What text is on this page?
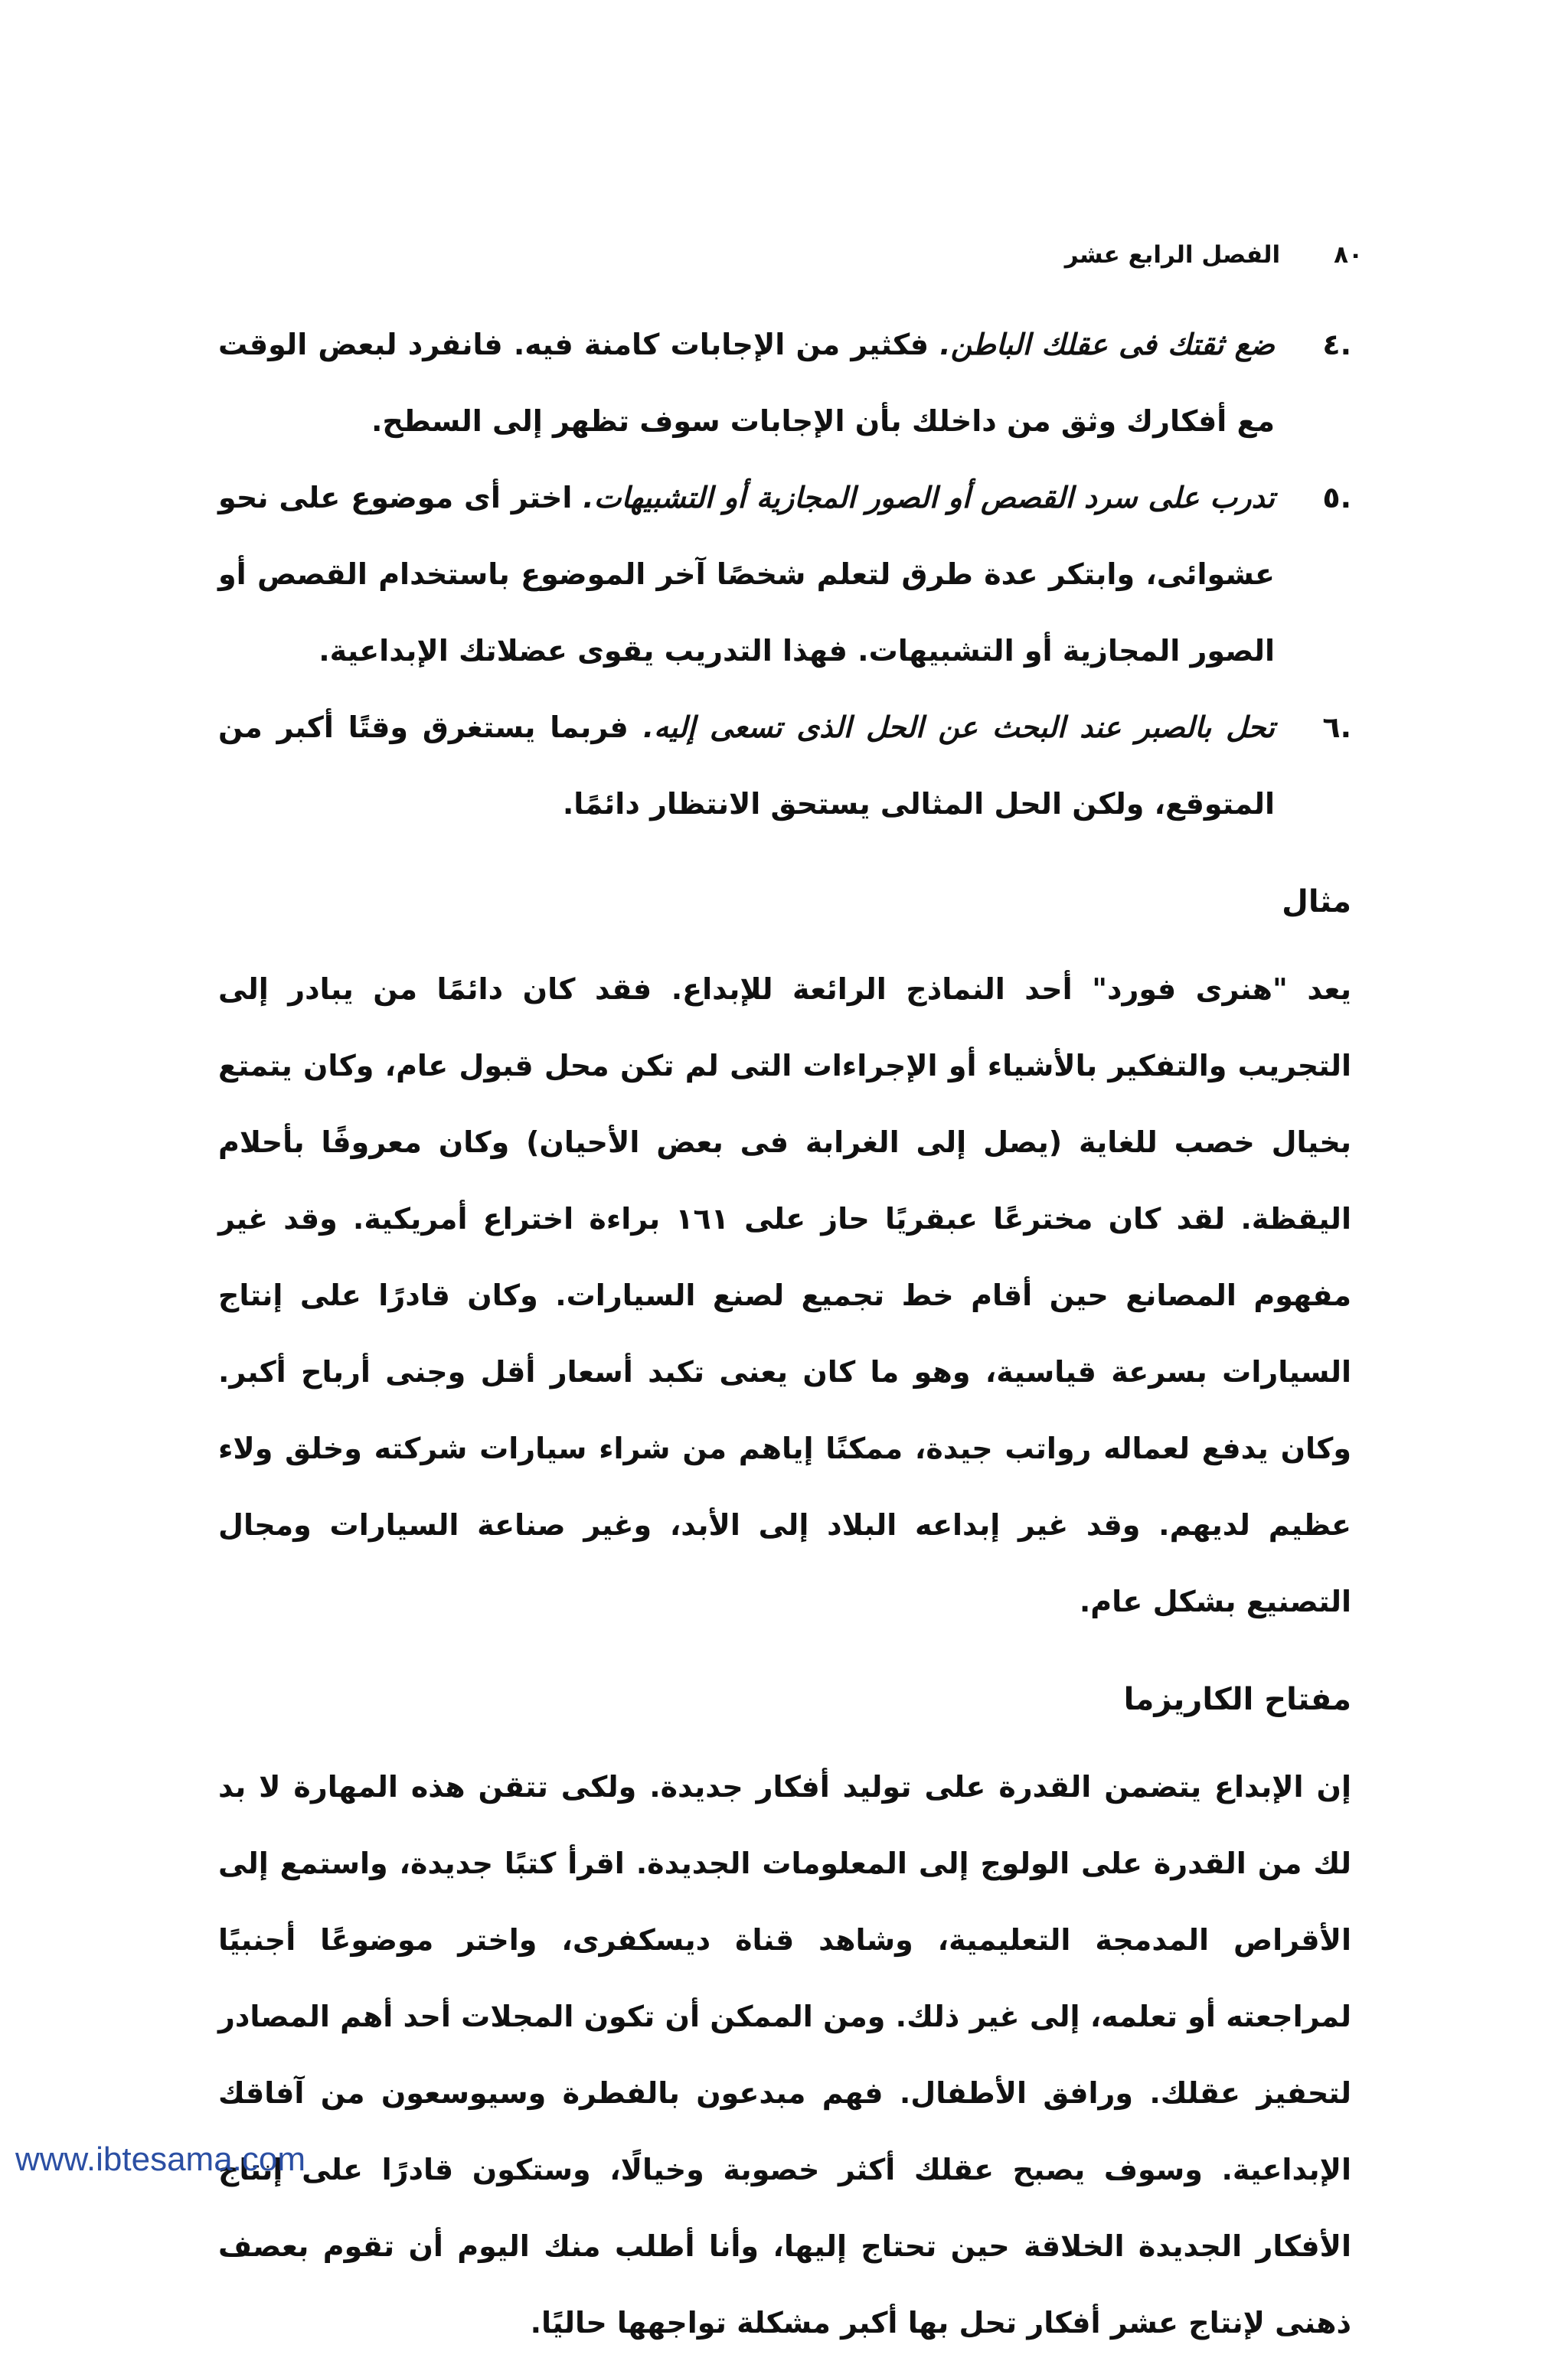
٨٠
الفصل الرابع عشر
.٤
ضع ثقتك فى عقلك الباطن. فكثير من الإجابات كامنة فيه. فانفرد لبعض الوقت مع أفكارك وثق من داخلك بأن الإجابات سوف تظهر إلى السطح.
.٥
تدرب على سرد القصص أو الصور المجازية أو التشبيهات. اختر أى موضوع على نحو عشوائى، وابتكر عدة طرق لتعلم شخصًا آخر الموضوع باستخدام القصص أو الصور المجازية أو التشبيهات. فهذا التدريب يقوى عضلاتك الإبداعية.
.٦
تحل بالصبر عند البحث عن الحل الذى تسعى إليه. فربما يستغرق وقتًا أكبر من المتوقع، ولكن الحل المثالى يستحق الانتظار دائمًا.
مثال

يعد "هنرى فورد" أحد النماذج الرائعة للإبداع. فقد كان دائمًا من يبادر إلى التجريب والتفكير بالأشياء أو الإجراءات التى لم تكن محل قبول عام، وكان يتمتع بخيال خصب للغاية (يصل إلى الغرابة فى بعض الأحيان) وكان معروفًا بأحلام اليقظة. لقد كان مخترعًا عبقريًا حاز على ١٦١ براءة اختراع أمريكية. وقد غير مفهوم المصانع حين أقام خط تجميع لصنع السيارات. وكان قادرًا على إنتاج السيارات بسرعة قياسية، وهو ما كان يعنى تكبد أسعار أقل وجنى أرباح أكبر. وكان يدفع لعماله رواتب جيدة، ممكنًا إياهم من شراء سيارات شركته وخلق ولاء عظيم لديهم. وقد غير إبداعه البلاد إلى الأبد، وغير صناعة السيارات ومجال التصنيع بشكل عام.

مفتاح الكاريزما

إن الإبداع يتضمن القدرة على توليد أفكار جديدة. ولكى تتقن هذه المهارة لا بد لك من القدرة على الولوج إلى المعلومات الجديدة. اقرأ كتبًا جديدة، واستمع إلى الأقراص المدمجة التعليمية، وشاهد قناة ديسكفرى، واختر موضوعًا أجنبيًا لمراجعته أو تعلمه، إلى غير ذلك. ومن الممكن أن تكون المجلات أحد أهم المصادر لتحفيز عقلك. ورافق الأطفال. فهم مبدعون بالفطرة وسيوسعون من آفاقك الإبداعية. وسوف يصبح عقلك أكثر خصوبة وخيالًا، وستكون قادرًا على إنتاج الأفكار الجديدة الخلاقة حين تحتاج إليها، وأنا أطلب منك اليوم أن تقوم بعصف ذهنى لإنتاج عشر أفكار تحل بها أكبر مشكلة تواجهها حاليًا.

www.ibtesama.com
